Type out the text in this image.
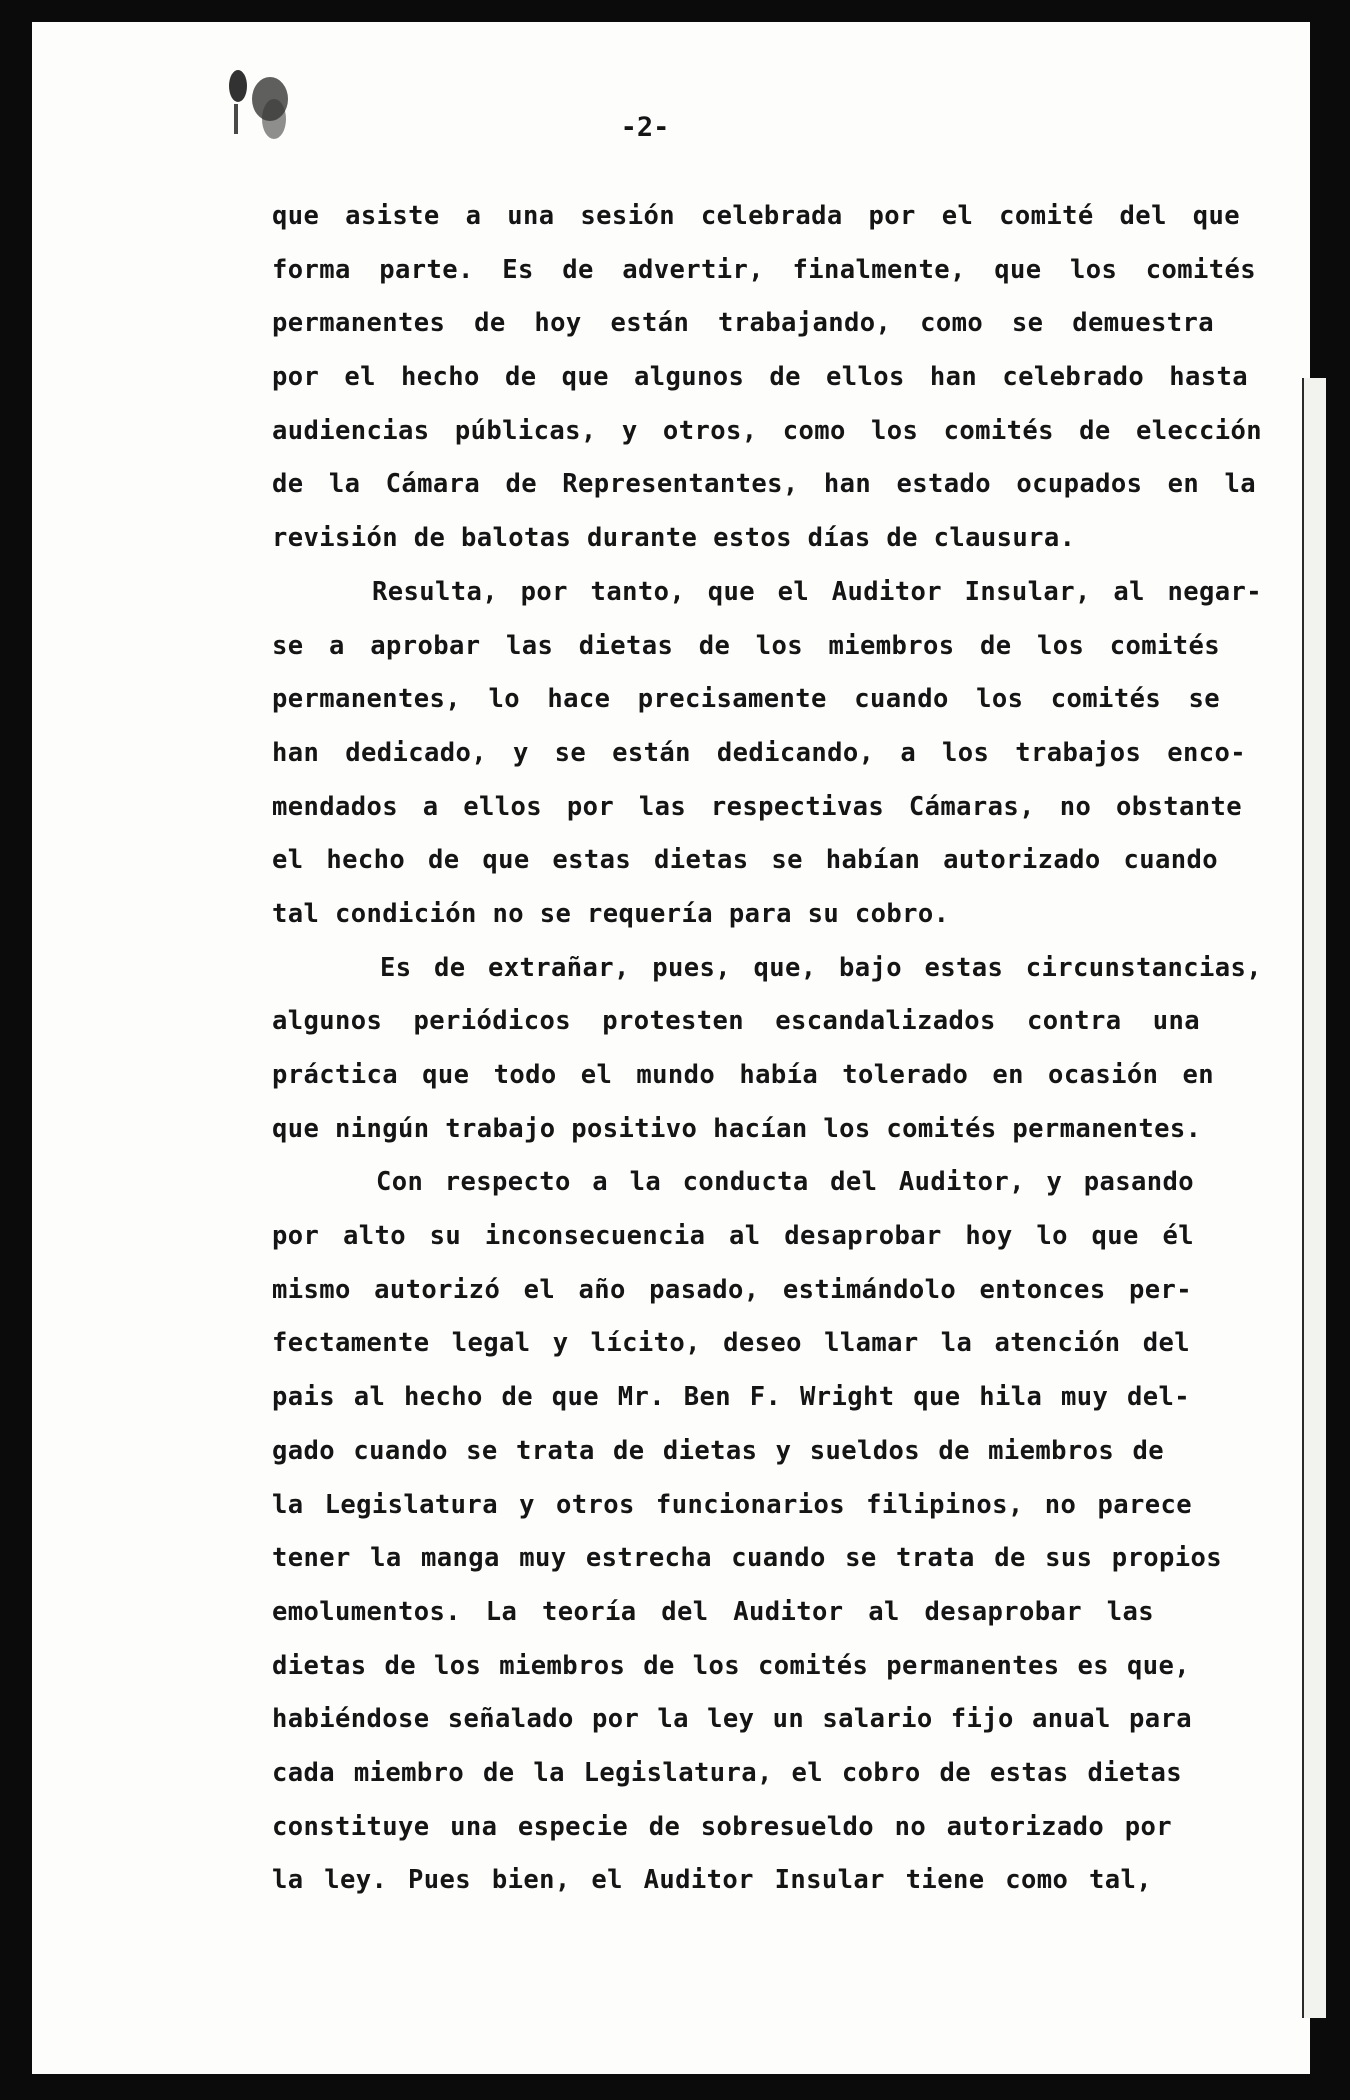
-2-
que asiste a una sesión celebrada por el comité del que
forma parte. Es de advertir, finalmente, que los comités
permanentes de hoy están trabajando, como se demuestra
por el hecho de que algunos de ellos han celebrado hasta
audiencias públicas, y otros, como los comités de elección
de la Cámara de Representantes, han estado ocupados en la
revisión de balotas durante estos días de clausura.
Resulta, por tanto, que el Auditor Insular, al negar-
se a aprobar las dietas de los miembros de los comités
permanentes, lo hace precisamente cuando los comités se
han dedicado, y se están dedicando, a los trabajos enco-
mendados a ellos por las respectivas Cámaras, no obstante
el hecho de que estas dietas se habían autorizado cuando
tal condición no se requería para su cobro.
Es de extrañar, pues, que, bajo estas circunstancias,
algunos periódicos protesten escandalizados contra una
práctica que todo el mundo había tolerado en ocasión en
que ningún trabajo positivo hacían los comités permanentes.
Con respecto a la conducta del Auditor, y pasando
por alto su inconsecuencia al desaprobar hoy lo que él
mismo autorizó el año pasado, estimándolo entonces per-
fectamente legal y lícito, deseo llamar la atención del
pais al hecho de que Mr. Ben F. Wright que hila muy del-
gado cuando se trata de dietas y sueldos de miembros de
la Legislatura y otros funcionarios filipinos, no parece
tener la manga muy estrecha cuando se trata de sus propios
emolumentos. La teoría del Auditor al desaprobar las
dietas de los miembros de los comités permanentes es que,
habiéndose señalado por la ley un salario fijo anual para
cada miembro de la Legislatura, el cobro de estas dietas
constituye una especie de sobresueldo no autorizado por
la ley. Pues bien, el Auditor Insular tiene como tal,
